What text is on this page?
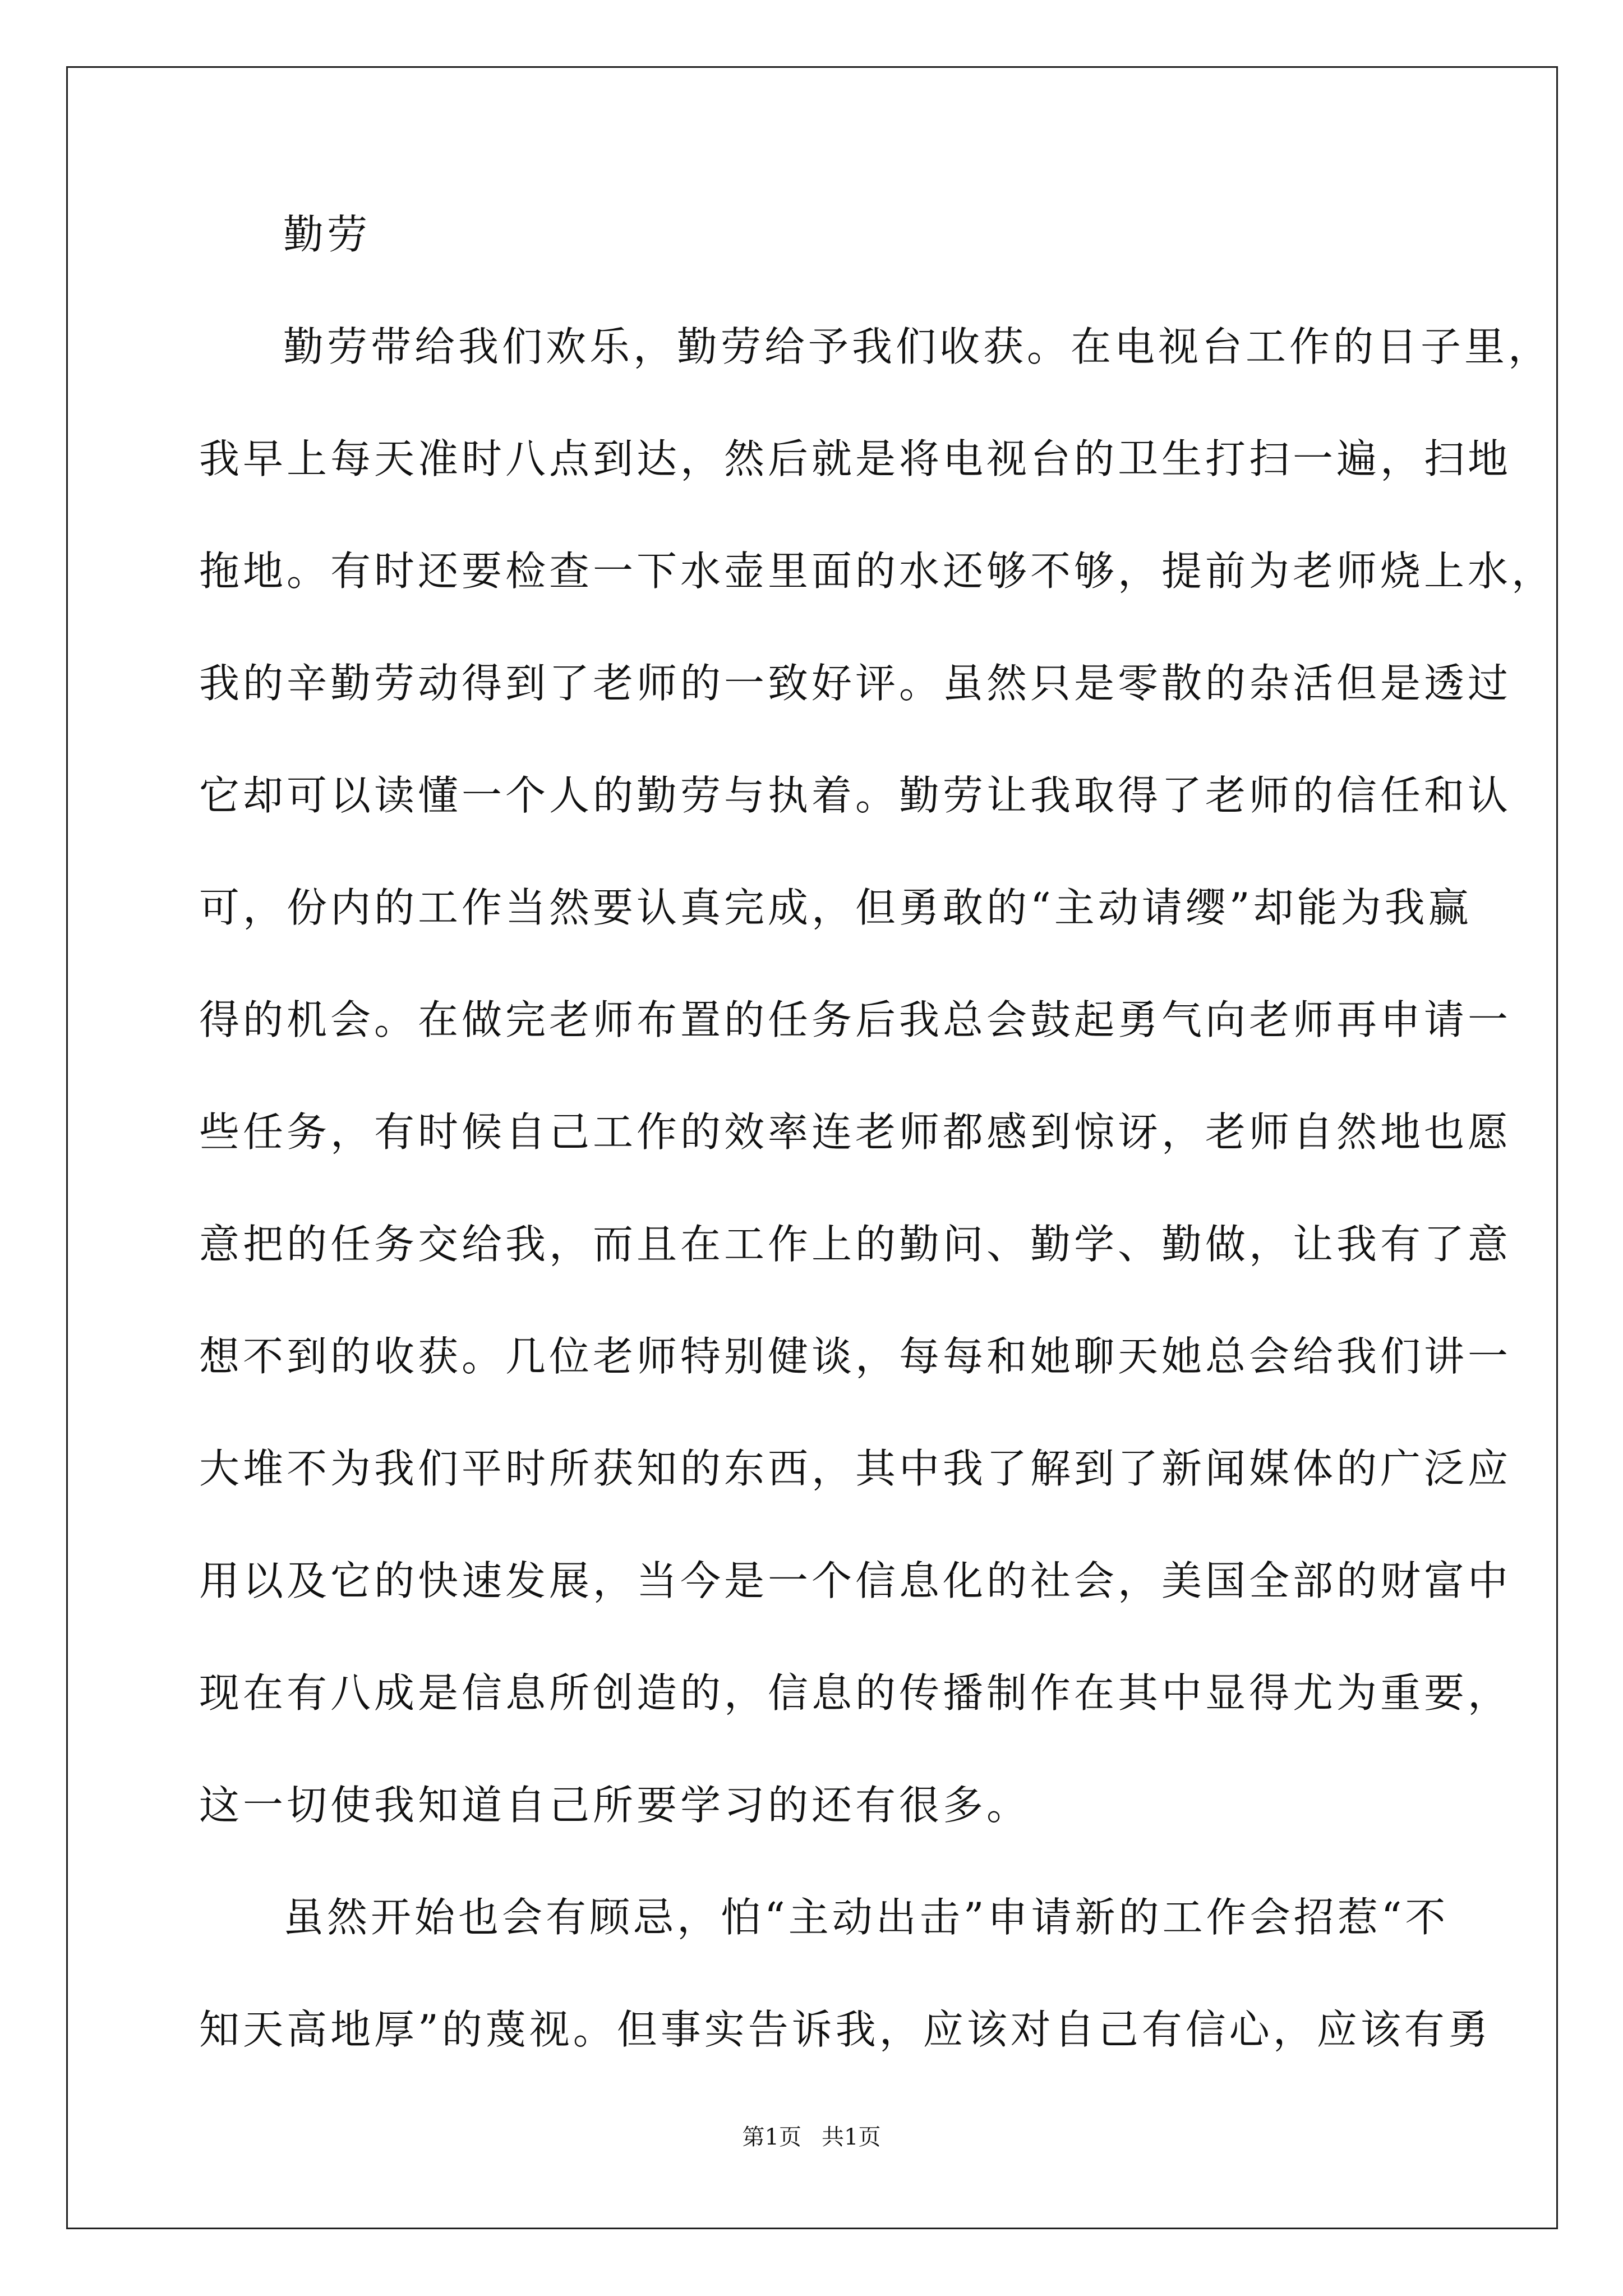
勤劳
勤劳带给我们欢乐，勤劳给予我们收获。在电视台工作的日子里，
我早上每天准时八点到达，然后就是将电视台的卫生打扫一遍，扫地
拖地。有时还要检查一下水壶里面的水还够不够，提前为老师烧上水，
我的辛勤劳动得到了老师的一致好评。虽然只是零散的杂活但是透过
它却可以读懂一个人的勤劳与执着。勤劳让我取得了老师的信任和认
可，份内的工作当然要认真完成，但勇敢的“主动请缨”却能为我赢
得的机会。在做完老师布置的任务后我总会鼓起勇气向老师再申请一
些任务，有时候自己工作的效率连老师都感到惊讶，老师自然地也愿
意把的任务交给我，而且在工作上的勤问、勤学、勤做，让我有了意
想不到的收获。几位老师特别健谈，每每和她聊天她总会给我们讲一
大堆不为我们平时所获知的东西，其中我了解到了新闻媒体的广泛应
用以及它的快速发展，当今是一个信息化的社会，美国全部的财富中
现在有八成是信息所创造的，信息的传播制作在其中显得尤为重要，
这一切使我知道自己所要学习的还有很多。
虽然开始也会有顾忌，怕“主动出击”申请新的工作会招惹“不
知天高地厚”的蔑视。但事实告诉我，应该对自己有信心，应该有勇
第1页 共1页
